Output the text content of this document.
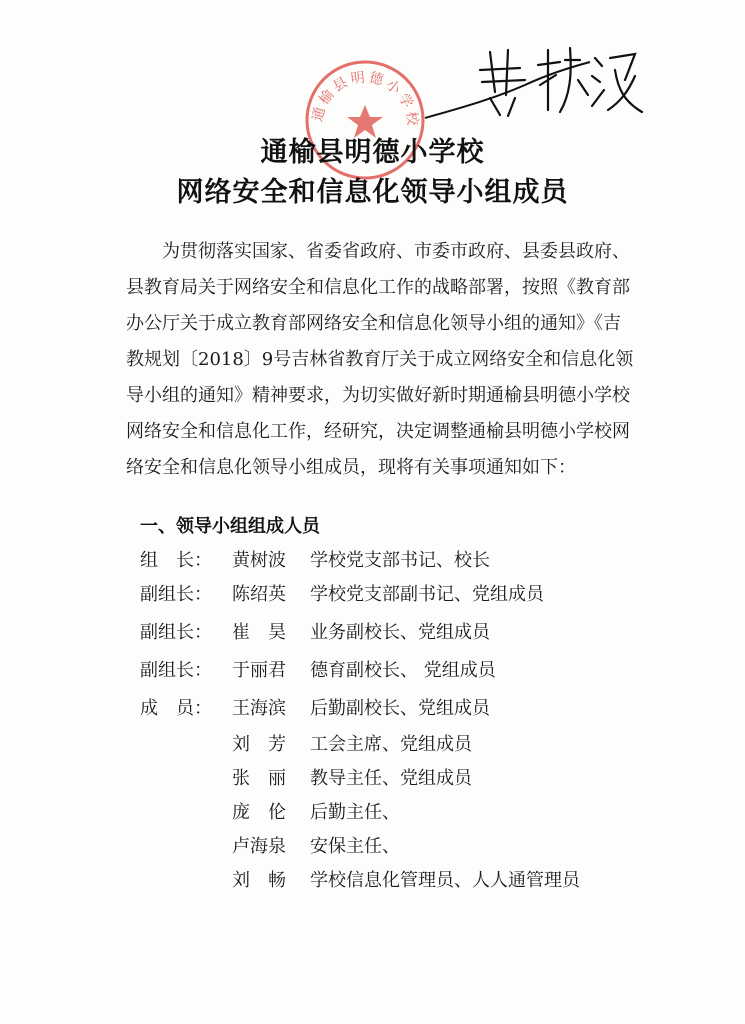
通榆县明德小学校
通榆县明德小学校
网络安全和信息化领导小组成员
为贯彻落实国家、省委省政府、市委市政府、县委县政府、
县教育局关于网络安全和信息化工作的战略部署，按照《教育部
办公厅关于成立教育部网络安全和信息化领导小组的通知》《吉
教规划〔2018〕9号吉林省教育厅关于成立网络安全和信息化领
导小组的通知》精神要求，为切实做好新时期通榆县明德小学校
网络安全和信息化工作，经研究，决定调整通榆县明德小学校网
络安全和信息化领导小组成员，现将有关事项通知如下：
一、领导小组组成人员
组　长： 黄树波 学校党支部书记、校长
副组长： 陈绍英 学校党支部副书记、党组成员
副组长： 崔　昊 业务副校长、党组成员
副组长： 于丽君 德育副校长、 党组成员
成　员： 王海滨 后勤副校长、党组成员
刘　芳 工会主席、党组成员
张　丽 教导主任、党组成员
庞　伦 后勤主任、
卢海泉 安保主任、
刘　畅 学校信息化管理员、人人通管理员
